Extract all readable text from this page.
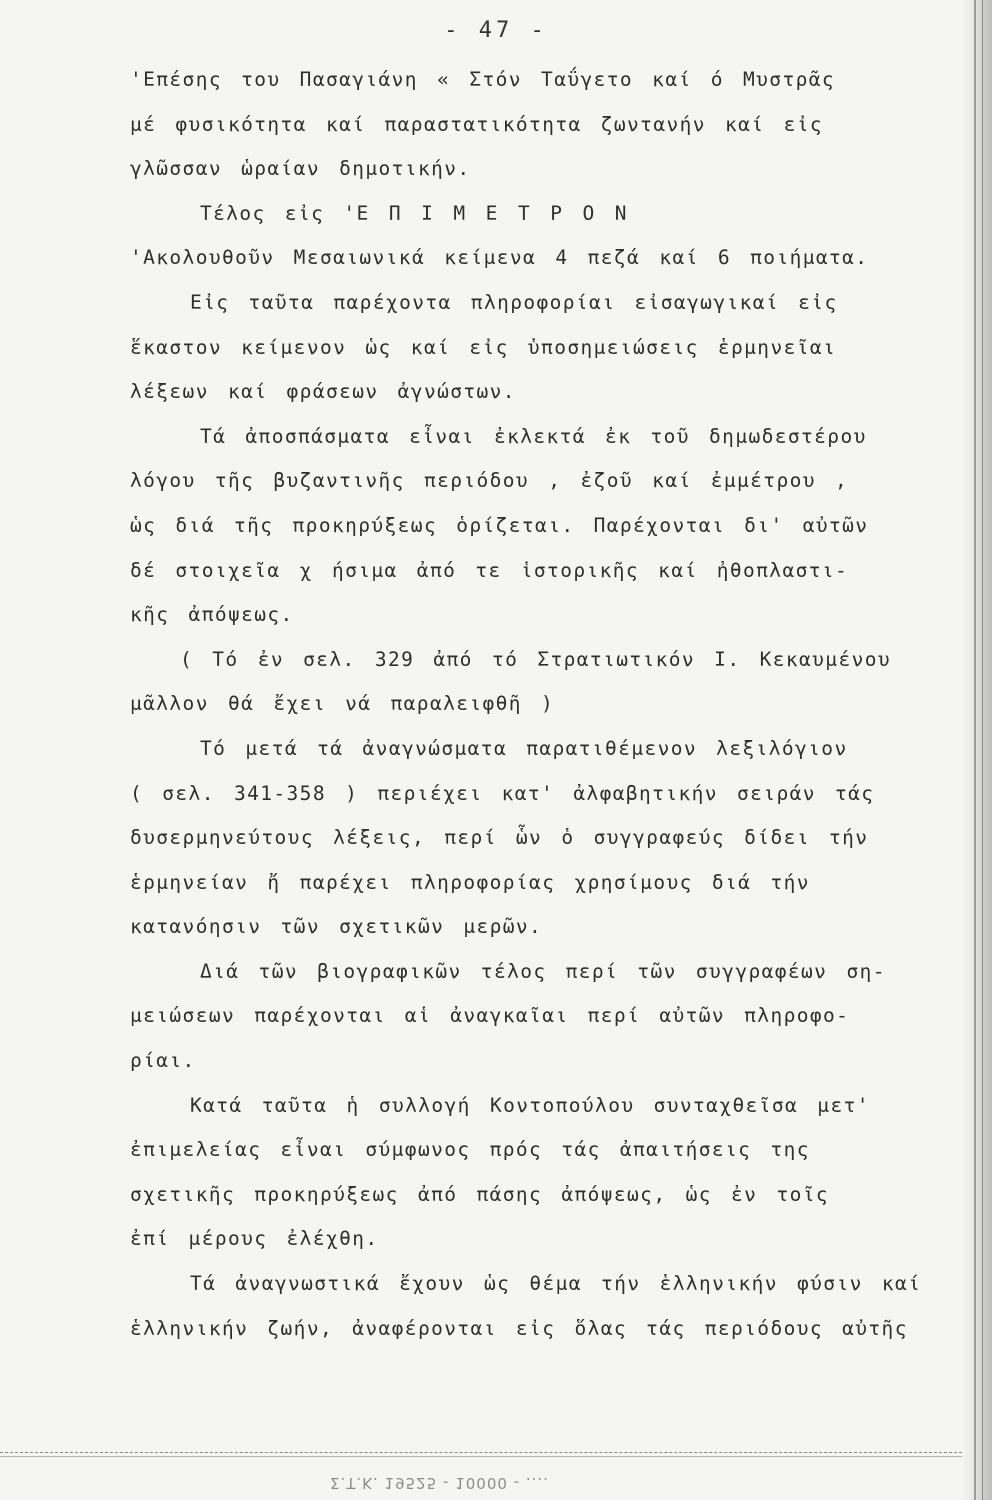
- 47 -
'Επέσης του Πασαγιάνη « Στόν Ταΰγετο καί ό Μυστρᾶς
μέ φυσικότητα καί παραστατικότητα ζωντανήν καί εἰς
γλῶσσαν ὡραίαν δημοτικήν.
Τέλος εἰς 'Ε Π Ι Μ Ε Τ Ρ Ο Ν
'Ακολουθοῦν Μεσαιωνικά κείμενα 4 πεζά καί 6 ποιήματα.
Εἰς ταῦτα παρέχοντα πληροφορίαι εἰσαγωγικαί εἰς
ἕκαστον κείμενον ὡς καί εἰς ὑποσημειώσεις ἑρμηνεῖαι
λέξεων καί φράσεων ἀγνώστων.
Τά ἀποσπάσματα εἶναι ἐκλεκτά ἐκ τοῦ δημωδεστέρου
λόγου τῆς βυζαντινῆς περιόδου , ἐζοῦ καί ἐμμέτρου ,
ὡς διά τῆς προκηρύξεως ὁρίζεται. Παρέχονται δι' αὐτῶν
δέ στοιχεῖα χ ήσιμα ἀπό τε ἱστορικῆς καί ἠθοπλαστι-
κῆς ἀπόψεως.
( Τό ἐν σελ. 329 ἀπό τό Στρατιωτικόν Ι. Κεκαυμένου
μᾶλλον θά ἔχει νά παραλειφθῆ )
Τό μετά τά ἀναγνώσματα παρατιθέμενον λεξιλόγιον
( σελ. 341-358 ) περιέχει κατ' ἀλφαβητικήν σειράν τάς
δυσερμηνεύτους λέξεις, περί ὧν ὁ συγγραφεύς δίδει τήν
ἑρμηνείαν ἤ παρέχει πληροφορίας χρησίμους διά τήν
κατανόησιν τῶν σχετικῶν μερῶν.
Διά τῶν βιογραφικῶν τέλος περί τῶν συγγραφέων ση-
μειώσεων παρέχονται αἱ ἀναγκαῖαι περί αὐτῶν πληροφο-
ρίαι.
Κατά ταῦτα ἡ συλλογή Κοντοπούλου συνταχθεῖσα μετ'
ἐπιμελείας εἶναι σύμφωνος πρός τάς ἀπαιτήσεις της
σχετικῆς προκηρύξεως ἀπό πάσης ἀπόψεως, ὡς ἐν τοῖς
ἐπί μέρους ἐλέχθη.
Τά ἀναγνωστικά ἔχουν ὡς θέμα τήν ἑλληνικήν φύσιν καί
ἑλληνικήν ζωήν, ἀναφέρονται εἰς ὅλας τάς περιόδους αὐτῆς
Σ.Τ.Κ. 19525 - 10000 - ....
